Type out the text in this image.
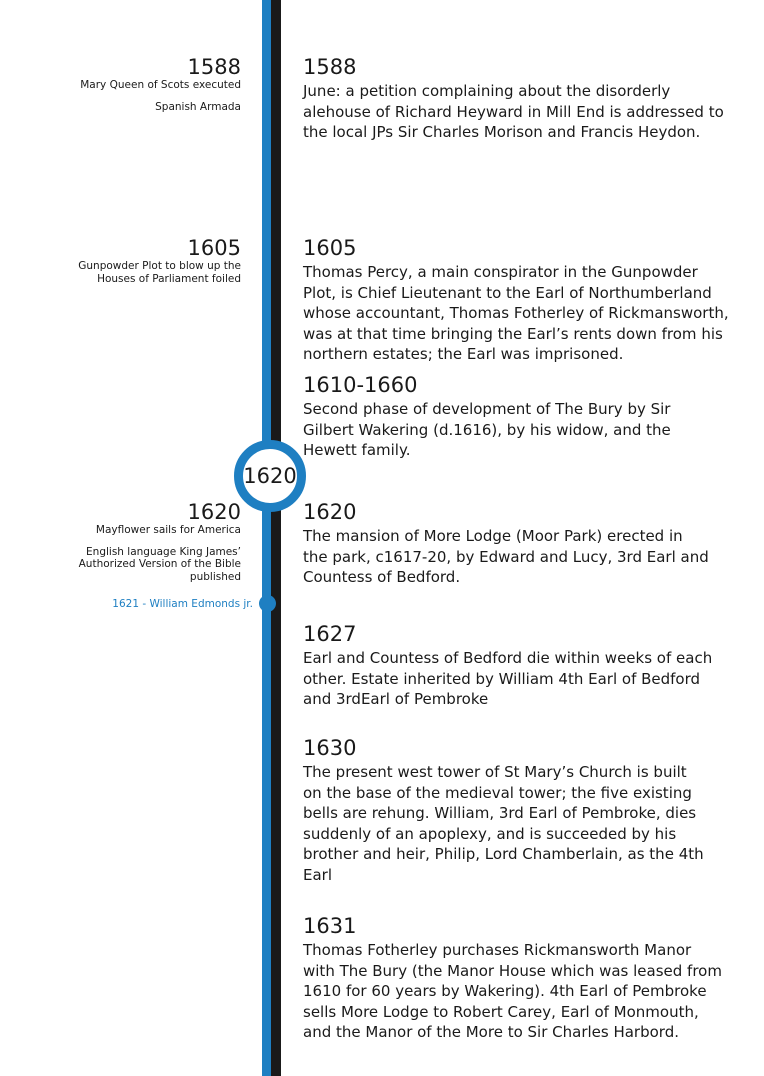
1588
Mary Queen of Scots executed
Spanish Armada
1605
Gunpowder Plot to blow up the
Houses of Parliament foiled
1620
Mayflower sails for America
English language King James’
Authorized Version of the Bible
published
1621 - William Edmonds jr.
1620
1588
June: a petition complaining about the disorderly
alehouse of Richard Heyward in Mill End is addressed to
the local JPs Sir Charles Morison and Francis Heydon.
1605
Thomas Percy, a main conspirator in the Gunpowder
Plot, is Chief Lieutenant to the Earl of Northumberland
whose accountant, Thomas Fotherley of Rickmansworth,
was at that time bringing the Earl’s rents down from his
northern estates; the Earl was imprisoned.
1610-1660
Second phase of development of The Bury by Sir
Gilbert Wakering (d.1616), by his widow, and the
Hewett family.
1620
The mansion of More Lodge (Moor Park) erected in
the park, c1617-20, by Edward and Lucy, 3rd Earl and
Countess of Bedford.
1627
Earl and Countess of Bedford die within weeks of each
other. Estate inherited by William 4th Earl of Bedford
and 3rdEarl of Pembroke
1630
The present west tower of St Mary’s Church is built
on the base of the medieval tower; the five existing
bells are rehung. William, 3rd Earl of Pembroke, dies
suddenly of an apoplexy, and is succeeded by his
brother and heir, Philip, Lord Chamberlain, as the 4th
Earl
1631
Thomas Fotherley purchases Rickmansworth Manor
with The Bury (the Manor House which was leased from
1610 for 60 years by Wakering). 4th Earl of Pembroke
sells More Lodge to Robert Carey, Earl of Monmouth,
and the Manor of the More to Sir Charles Harbord.
